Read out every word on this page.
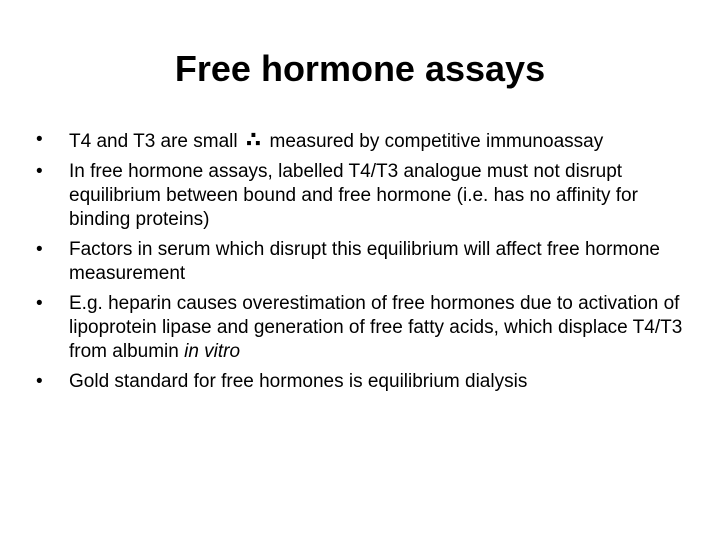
Free hormone assays
•	T4 and T3 are small ∴ measured by competitive immunoassay
•	In free hormone assays, labelled T4/T3 analogue must not disrupt equilibrium between bound and free hormone (i.e. has no affinity for binding proteins)
•	Factors in serum which disrupt this equilibrium will affect free hormone measurement
•	E.g. heparin causes overestimation of free hormones due to activation of lipoprotein lipase and generation of free fatty acids, which displace T4/T3 from albumin in vitro
•	Gold standard for free hormones is equilibrium dialysis
